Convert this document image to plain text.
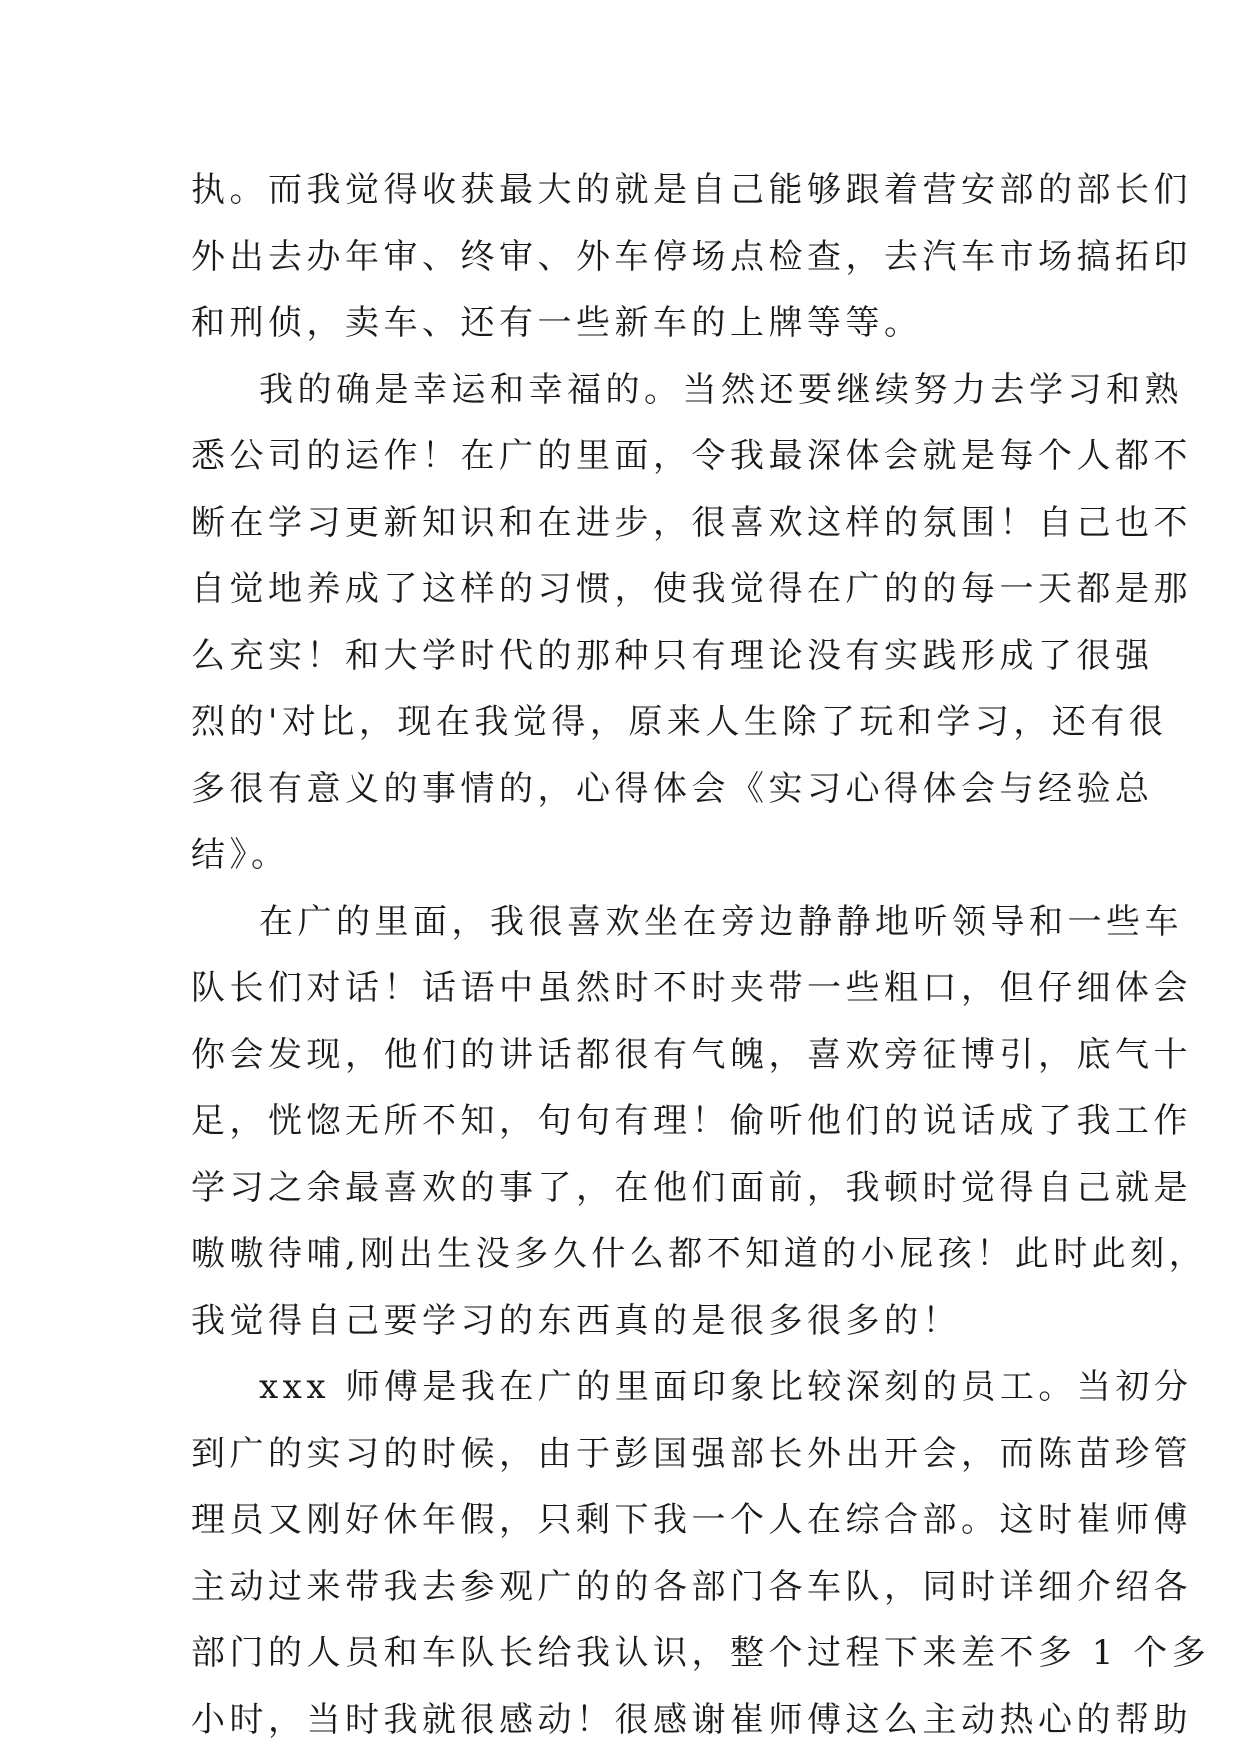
执。而我觉得收获最大的就是自己能够跟着营安部的部长们
外出去办年审、终审、外车停场点检查，去汽车市场搞拓印
和刑侦，卖车、还有一些新车的上牌等等。

我的确是幸运和幸福的。当然还要继续努力去学习和熟
悉公司的运作！在广的里面，令我最深体会就是每个人都不
断在学习更新知识和在进步，很喜欢这样的氛围！自己也不
自觉地养成了这样的习惯，使我觉得在广的的每一天都是那
么充实！和大学时代的那种只有理论没有实践形成了很强
烈的'对比，现在我觉得，原来人生除了玩和学习，还有很
多很有意义的事情的，心得体会《实习心得体会与经验总
结》。

在广的里面，我很喜欢坐在旁边静静地听领导和一些车
队长们对话！话语中虽然时不时夹带一些粗口，但仔细体会
你会发现，他们的讲话都很有气魄，喜欢旁征博引，底气十
足，恍惚无所不知，句句有理！偷听他们的说话成了我工作
学习之余最喜欢的事了，在他们面前，我顿时觉得自己就是
嗷嗷待哺,刚出生没多久什么都不知道的小屁孩！此时此刻，
我觉得自己要学习的东西真的是很多很多的！

xxx 师傅是我在广的里面印象比较深刻的员工。当初分
到广的实习的时候，由于彭国强部长外出开会，而陈苗珍管
理员又刚好休年假，只剩下我一个人在综合部。这时崔师傅
主动过来带我去参观广的的各部门各车队，同时详细介绍各
部门的人员和车队长给我认识，整个过程下来差不多 1 个多
小时，当时我就很感动！很感谢崔师傅这么主动热心的帮助
